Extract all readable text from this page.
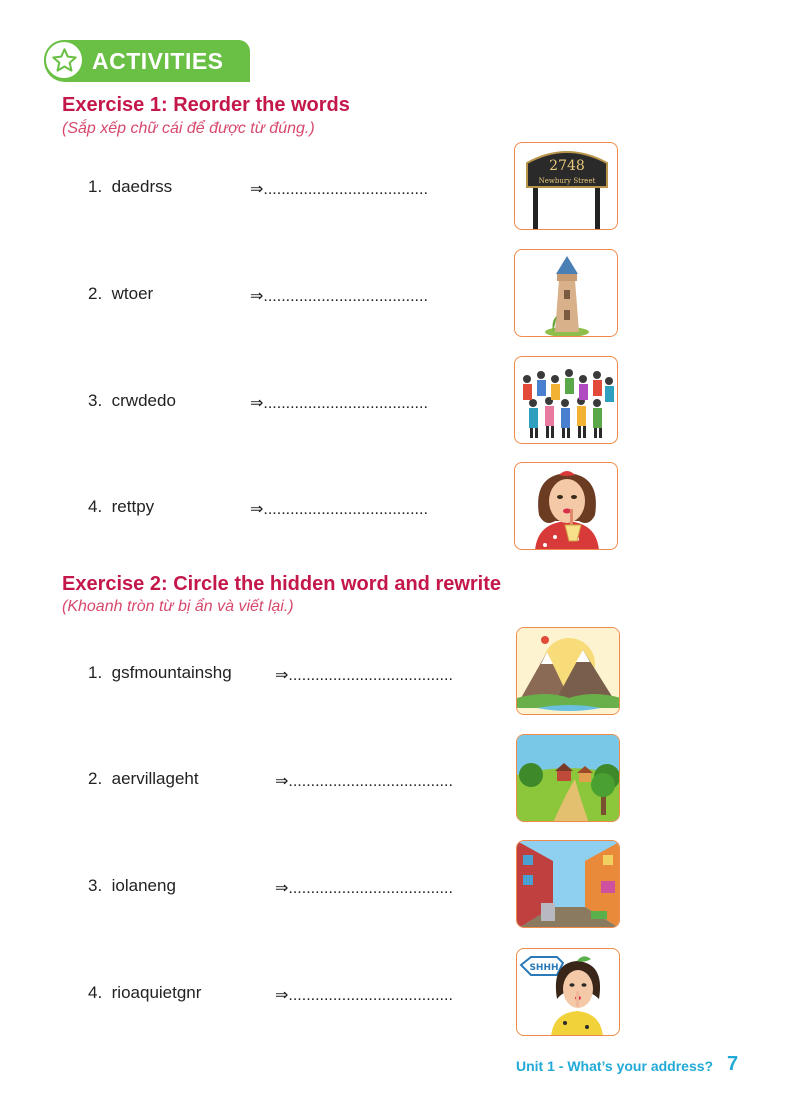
ACTIVITIES
Exercise 1: Reorder the words
(Sắp xếp chữ cái để được từ đúng.)
1. daedrss	⇒.....................................
2. wtoer	⇒.....................................
3. crwdedo	⇒.....................................
4. rettpy	⇒.....................................
2748
Newbury Street
Exercise 2: Circle the hidden word and rewrite
(Khoanh tròn từ bị ẩn và viết lại.)
1. gsfmountainshg	⇒.....................................
2. aervillageht	⇒.....................................
3. iolaneng	⇒.....................................
4. rioaquietgnr	⇒.....................................
SHHH
Unit 1 - What’s your address? 7
